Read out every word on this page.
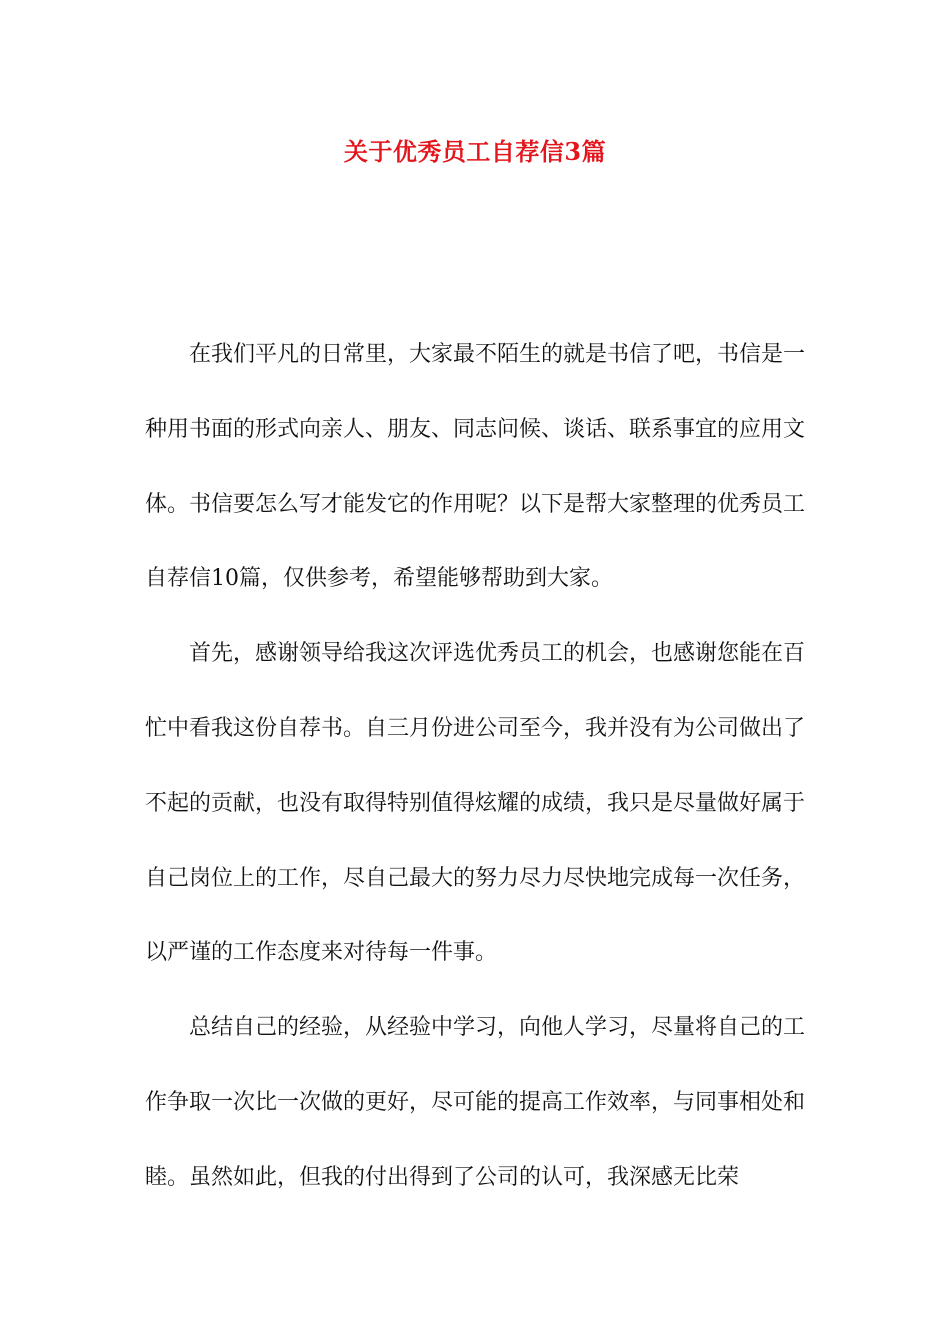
关于优秀员工自荐信3篇

在我们平凡的日常里，大家最不陌生的就是书信了吧，书信是一种用书面的形式向亲人、朋友、同志问候、谈话、联系事宜的应用文体。书信要怎么写才能发它的作用呢？以下是帮大家整理的优秀员工自荐信10篇，仅供参考，希望能够帮助到大家。

首先，感谢领导给我这次评选优秀员工的机会，也感谢您能在百忙中看我这份自荐书。自三月份进公司至今，我并没有为公司做出了不起的贡献，也没有取得特别值得炫耀的成绩，我只是尽量做好属于自己岗位上的工作，尽自己最大的努力尽力尽快地完成每一次任务，以严谨的工作态度来对待每一件事。

总结自己的经验，从经验中学习，向他人学习，尽量将自己的工作争取一次比一次做的更好，尽可能的提高工作效率，与同事相处和睦。虽然如此，但我的付出得到了公司的认可，我深感无比荣
